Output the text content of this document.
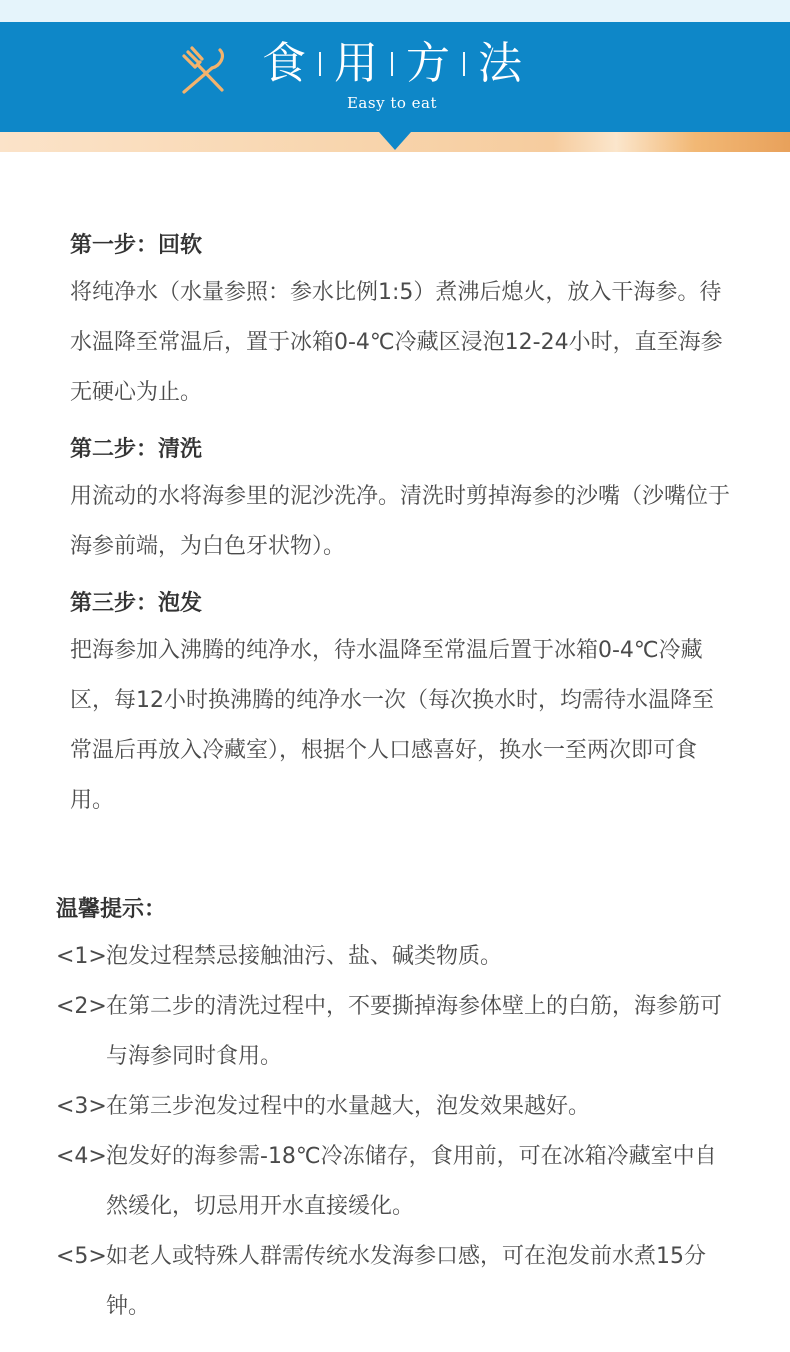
食 用 方 法
Easy to eat
第一步：回软
将纯净水（水量参照：参水比例1:5）煮沸后熄火，放入干海参。待水温降至常温后，置于冰箱0-4℃冷藏区浸泡12-24小时，直至海参无硬心为止。
第二步：清洗
用流动的水将海参里的泥沙洗净。清洗时剪掉海参的沙嘴（沙嘴位于海参前端，为白色牙状物）。
第三步：泡发
把海参加入沸腾的纯净水，待水温降至常温后置于冰箱0-4℃冷藏区，每12小时换沸腾的纯净水一次（每次换水时，均需待水温降至常温后再放入冷藏室），根据个人口感喜好，换水一至两次即可食用。
温馨提示：
<1> 泡发过程禁忌接触油污、盐、碱类物质。
<2> 在第二步的清洗过程中，不要撕掉海参体壁上的白筋，海参筋可与海参同时食用。
<3> 在第三步泡发过程中的水量越大，泡发效果越好。
<4> 泡发好的海参需-18℃冷冻储存，食用前，可在冰箱冷藏室中自然缓化，切忌用开水直接缓化。
<5> 如老人或特殊人群需传统水发海参口感，可在泡发前水煮15分钟。
